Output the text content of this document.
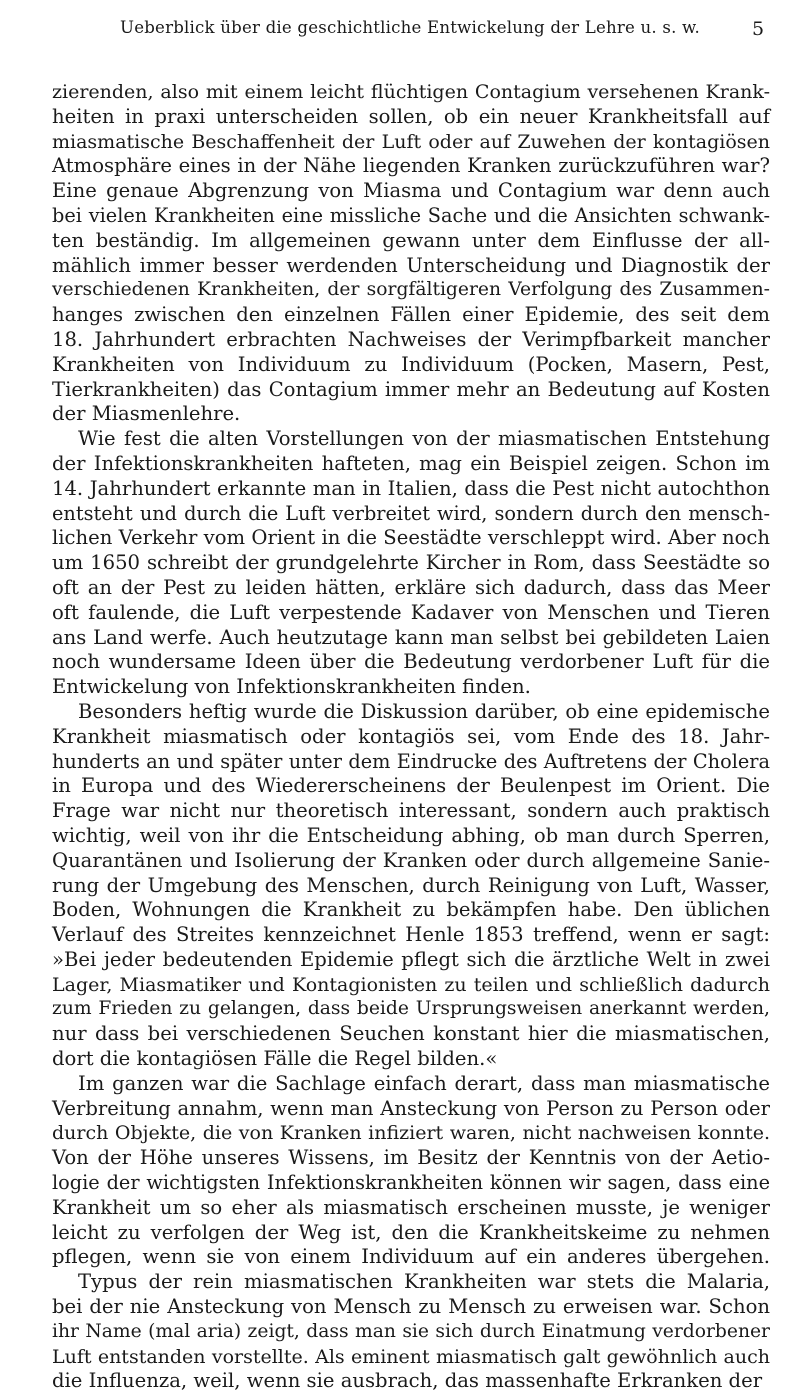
Ueberblick über die geschichtliche Entwickelung der Lehre u. s. w.	5
zierenden, also mit einem leicht flüchtigen Contagium versehenen Krank-
heiten in praxi unterscheiden sollen, ob ein neuer Krankheitsfall auf
miasmatische Beschaffenheit der Luft oder auf Zuwehen der kontagiösen
Atmosphäre eines in der Nähe liegenden Kranken zurückzuführen war?
Eine genaue Abgrenzung von Miasma und Contagium war denn auch
bei vielen Krankheiten eine missliche Sache und die Ansichten schwank-
ten beständig. Im allgemeinen gewann unter dem Einflusse der all-
mählich immer besser werdenden Unterscheidung und Diagnostik der
verschiedenen Krankheiten, der sorgfältigeren Verfolgung des Zusammen-
hanges zwischen den einzelnen Fällen einer Epidemie, des seit dem
18. Jahrhundert erbrachten Nachweises der Verimpfbarkeit mancher
Krankheiten von Individuum zu Individuum (Pocken, Masern, Pest,
Tierkrankheiten) das Contagium immer mehr an Bedeutung auf Kosten
der Miasmenlehre.
Wie fest die alten Vorstellungen von der miasmatischen Entstehung
der Infektionskrankheiten hafteten, mag ein Beispiel zeigen. Schon im
14. Jahrhundert erkannte man in Italien, dass die Pest nicht autochthon
entsteht und durch die Luft verbreitet wird, sondern durch den mensch-
lichen Verkehr vom Orient in die Seestädte verschleppt wird. Aber noch
um 1650 schreibt der grundgelehrte Kircher in Rom, dass Seestädte so
oft an der Pest zu leiden hätten, erkläre sich dadurch, dass das Meer
oft faulende, die Luft verpestende Kadaver von Menschen und Tieren
ans Land werfe. Auch heutzutage kann man selbst bei gebildeten Laien
noch wundersame Ideen über die Bedeutung verdorbener Luft für die
Entwickelung von Infektionskrankheiten finden.
Besonders heftig wurde die Diskussion darüber, ob eine epidemische
Krankheit miasmatisch oder kontagiös sei, vom Ende des 18. Jahr-
hunderts an und später unter dem Eindrucke des Auftretens der Cholera
in Europa und des Wiedererscheinens der Beulenpest im Orient. Die
Frage war nicht nur theoretisch interessant, sondern auch praktisch
wichtig, weil von ihr die Entscheidung abhing, ob man durch Sperren,
Quarantänen und Isolierung der Kranken oder durch allgemeine Sanie-
rung der Umgebung des Menschen, durch Reinigung von Luft, Wasser,
Boden, Wohnungen die Krankheit zu bekämpfen habe. Den üblichen
Verlauf des Streites kennzeichnet Henle 1853 treffend, wenn er sagt:
»Bei jeder bedeutenden Epidemie pflegt sich die ärztliche Welt in zwei
Lager, Miasmatiker und Kontagionisten zu teilen und schließlich dadurch
zum Frieden zu gelangen, dass beide Ursprungsweisen anerkannt werden,
nur dass bei verschiedenen Seuchen konstant hier die miasmatischen,
dort die kontagiösen Fälle die Regel bilden.«
Im ganzen war die Sachlage einfach derart, dass man miasmatische
Verbreitung annahm, wenn man Ansteckung von Person zu Person oder
durch Objekte, die von Kranken infiziert waren, nicht nachweisen konnte.
Von der Höhe unseres Wissens, im Besitz der Kenntnis von der Aetio-
logie der wichtigsten Infektionskrankheiten können wir sagen, dass eine
Krankheit um so eher als miasmatisch erscheinen musste, je weniger
leicht zu verfolgen der Weg ist, den die Krankheitskeime zu nehmen
pflegen, wenn sie von einem Individuum auf ein anderes übergehen.
Typus der rein miasmatischen Krankheiten war stets die Malaria,
bei der nie Ansteckung von Mensch zu Mensch zu erweisen war. Schon
ihr Name (mal aria) zeigt, dass man sie sich durch Einatmung verdorbener
Luft entstanden vorstellte. Als eminent miasmatisch galt gewöhnlich auch
die Influenza, weil, wenn sie ausbrach, das massenhafte Erkranken der
